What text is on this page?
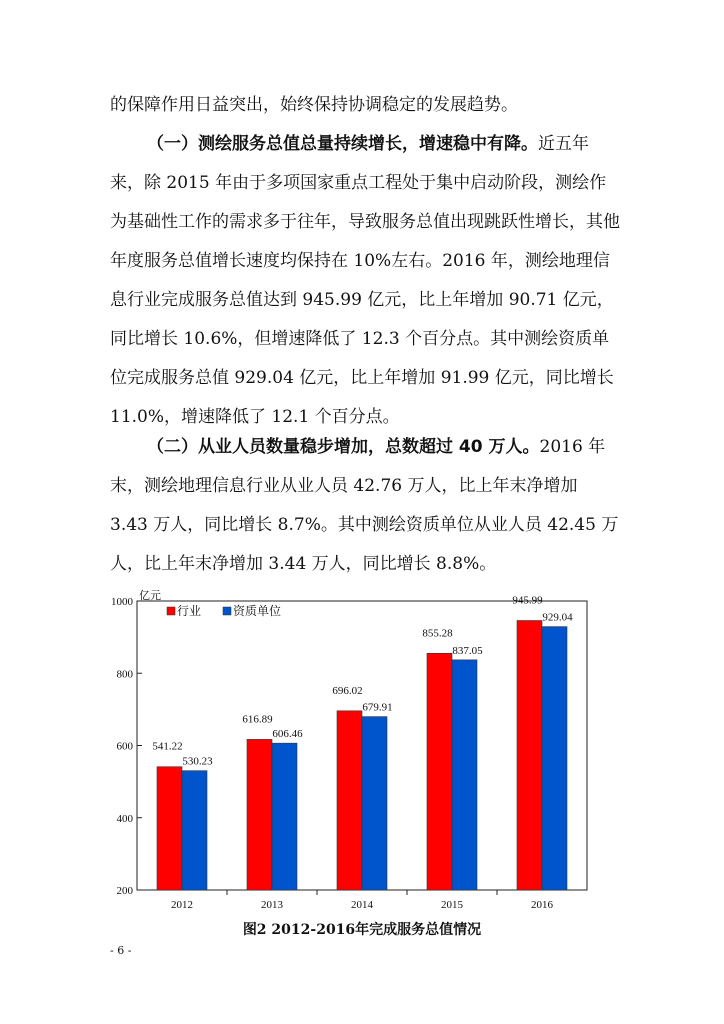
的保障作用日益突出，始终保持协调稳定的发展趋势。

（一）测绘服务总值总量持续增长，增速稳中有降。近五年来，除 2015 年由于多项国家重点工程处于集中启动阶段，测绘作为基础性工作的需求多于往年，导致服务总值出现跳跃性增长，其他年度服务总值增长速度均保持在 10%左右。2016 年，测绘地理信息行业完成服务总值达到 945.99 亿元，比上年增加 90.71 亿元，同比增长 10.6%，但增速降低了 12.3 个百分点。其中测绘资质单位完成服务总值 929.04 亿元，比上年增加 91.99 亿元，同比增长 11.0%，增速降低了 12.1 个百分点。

（二）从业人员数量稳步增加，总数超过 40 万人。2016 年末，测绘地理信息行业从业人员 42.76 万人，比上年末净增加 3.43 万人，同比增长 8.7%。其中测绘资质单位从业人员 42.45 万人，比上年末净增加 3.44 万人，同比增长 8.8%。

200
400
600
800
1000 亿元
541.22
530.23
2012
616.89
606.46
2013
696.02
679.91
2014
855.28
837.05
2015
945.99
929.04
2016
行业	资质单位
图2 2012-2016年完成服务总值情况
- 6 -
